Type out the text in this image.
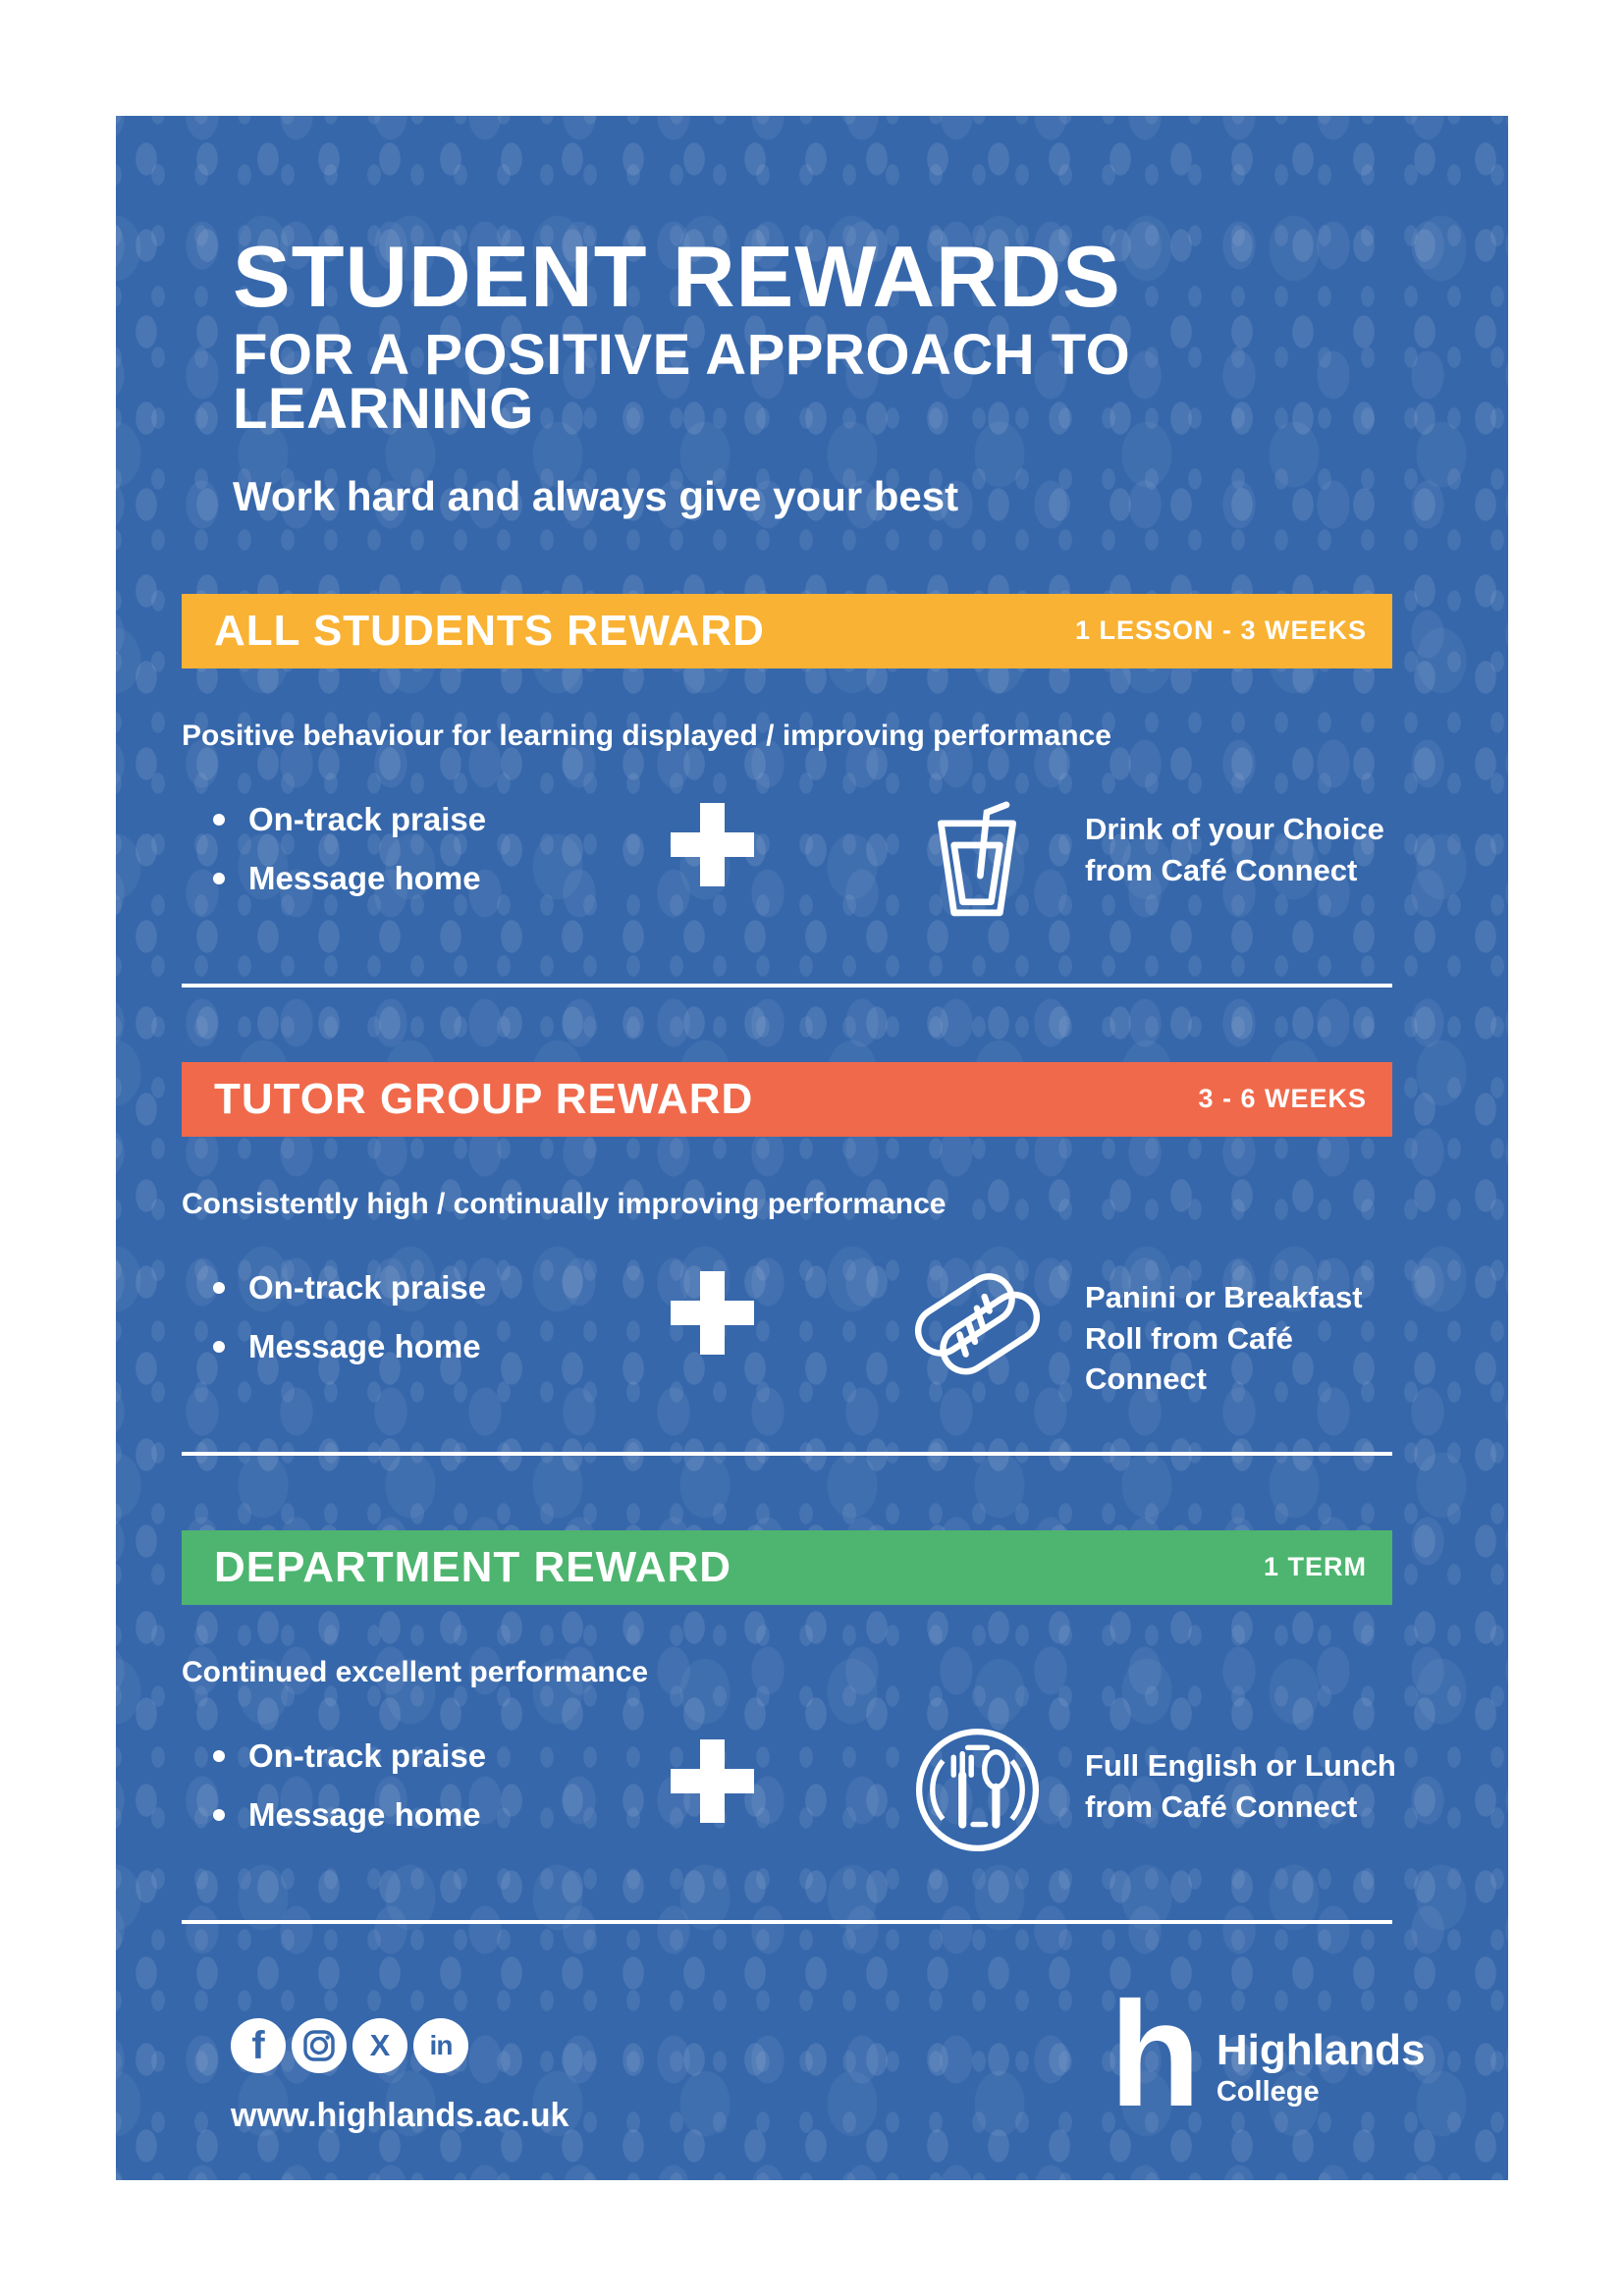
STUDENT REWARDS
FOR A POSITIVE APPROACH TO LEARNING
Work hard and always give your best
ALL STUDENTS REWARD	1 LESSON - 3 WEEKS
Positive behaviour for learning displayed / improving performance
On-track praise
Message home
Drink of your Choice from Café Connect
TUTOR GROUP REWARD	3 - 6 WEEKS
Consistently high / continually improving performance
On-track praise
Message home
Panini or Breakfast Roll from Café Connect
DEPARTMENT REWARD	1 TERM
Continued excellent performance
On-track praise
Message home
Full English or Lunch from Café Connect
f	X in
www.highlands.ac.uk	h Highlands
College
